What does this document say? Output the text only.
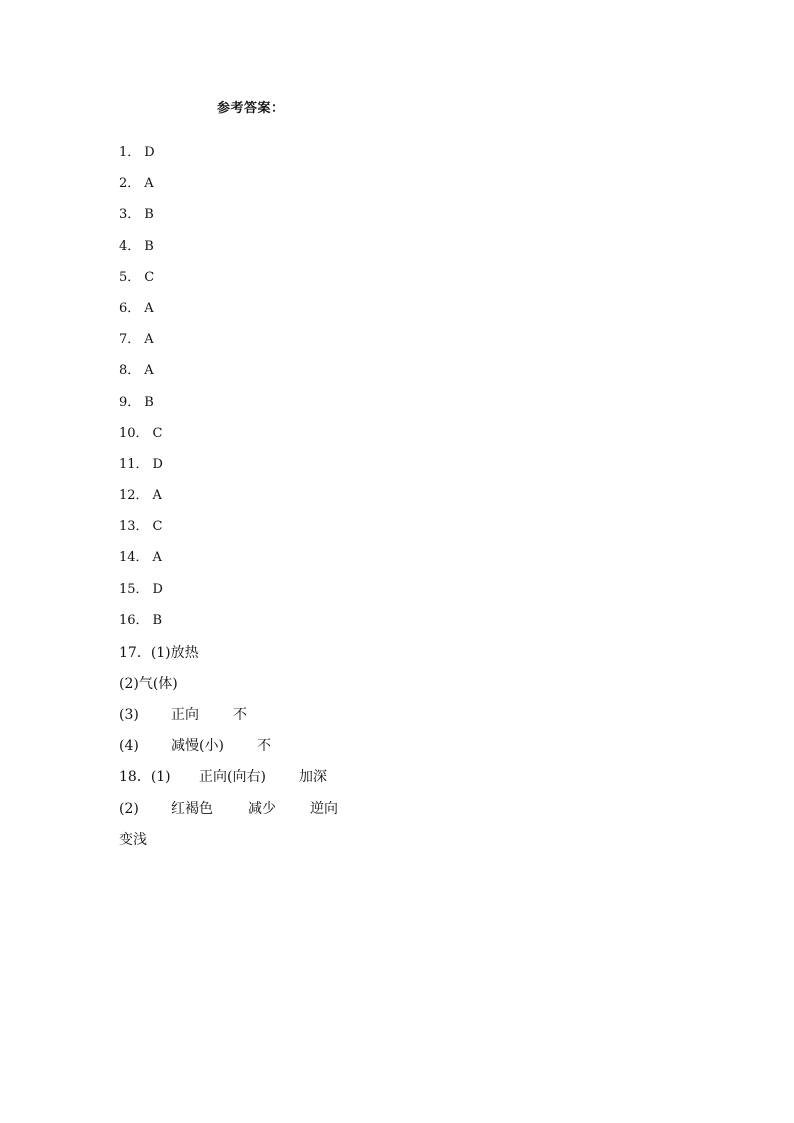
参考答案：
1． D
2． A
3． B
4． B
5． C
6． A
7． A
8． A
9． B
10． C
11． D
12． A
13． C
14． A
15． D
16． B
17．(1)放热
(2)气(体)
(3) 正向 不
(4) 减慢(小) 不
18．(1) 正向(向右) 加深
(2) 红褐色	减少 逆向
变浅
